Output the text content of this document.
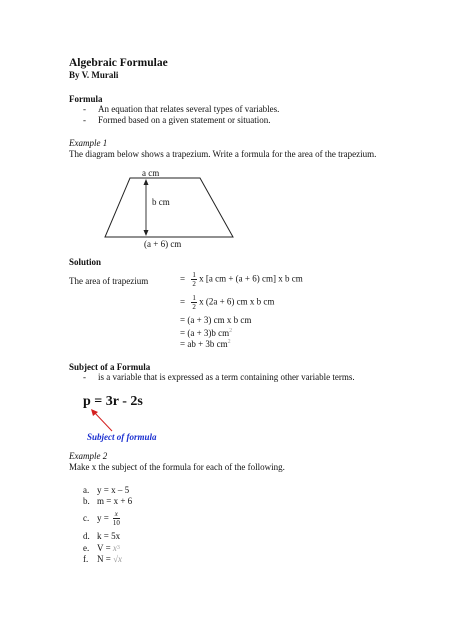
Algebraic Formulae
By V. Murali
Formula
-	An equation that relates several types of variables.
-	Formed based on a given statement or situation.
Example 1
The diagram below shows a trapezium. Write a formula for the area of the trapezium.
a cm
b cm
(a + 6) cm
Solution
The area of trapezium	= $\frac{1}{2}$ x [a cm + (a + 6) cm] x b cm
= $\frac{1}{2}$ x (2a + 6) cm x b cm
= (a + 3) cm x b cm
= (a + 3)b $cm^2$
= ab + 3b $cm^2$
Subject of a Formula
-	is a variable that is expressed as a term containing other variable terms.
p = 3r - 2s
Subject of formula
Example 2
Make x the subject of the formula for each of the following.
a. y = x – 5
b. m = x + 6
c. $y = \frac{x}{10}$
d. k = 5x
e. V =
x 3
f. N =
√x
